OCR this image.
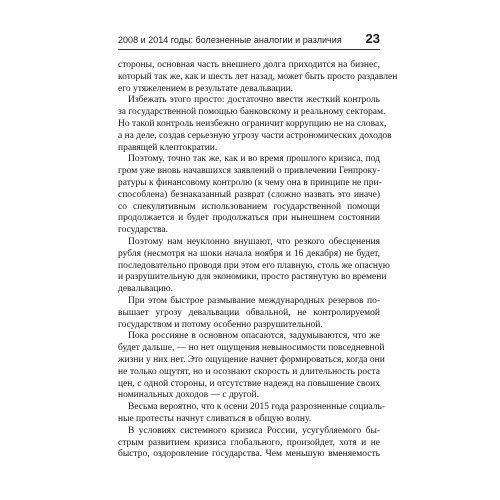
2008 и 2014 годы: болезненные аналогии и различия 23
стороны, основная часть внешнего долга приходится на бизнес,
который так же, как и шесть лет назад, может быть просто раздавлен
его утяжелением в результате девальвации.
Избежать этого просто: достаточно ввести жесткий контроль
за государственной помощью банковскому и реальному секторам.
Но такой контроль неизбежно ограничит коррупцию не на словах,
а на деле, создав серьезную угрозу части астрономических доходов
правящей клептократии.
Поэтому, точно так же, как и во время прошлого кризиса, под
гром уже вновь начавшихся заявлений о привлечении Генпроку-
ратуры к финансовому контролю (к чему она в принципе не при-
способлена) безнаказанный разврат (сложно назвать это иначе)
со спекулятивным использованием государственной помощи
продолжается и будет продолжаться при нынешнем состоянии
государства.
Поэтому нам неуклонно внушают, что резкого обесценения
рубля (несмотря на шоки начала ноября и 16 декабря) не будет,
последовательно проводя при этом его плавную, столь же опасную
и разрушительную для экономики, просто растянутую во времени
девальвацию.
При этом быстрое размывание международных резервов по-
вышает угрозу девальвации обвальной, не контролируемой
государством и потому особенно разрушительной.
Пока россияне в основном опасаются, задумываются, что же
будет дальше, — но нет ощущения невыносимости повседневной
жизни у них нет. Это ощущение начнет формироваться, когда они
не только ощутят, но и осознают скорость и длительность роста
цен, с одной стороны, и отсутствие надежд на повышение своих
номинальных доходов — с другой.
Весьма вероятно, что к осени 2015 года разрозненные социаль-
ные протесты начнут сливаться в общую волну.
В условиях системного кризиса России, усугубляемого бы-
стрым развитием кризиса глобального, произойдет, хотя и не
быстро, оздоровление государства. Чем меньшую вменяемость
